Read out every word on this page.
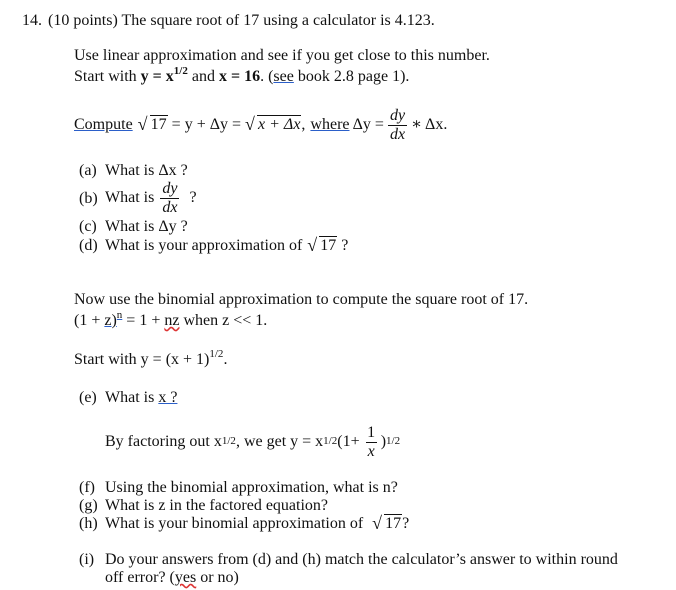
14. (10 points) The square root of 17 using a calculator is 4.123.
Use linear approximation and see if you get close to this number.
Start with $y = x^{1/2}$ and x = 16. (see book 2.8 page 1).
Compute √ 17 = y + Δy = √ x + Δx , where $\Delta y = \frac{dy}{dx}$ ∗ Δx.
(a) What is Δx ?
(b) What is $\frac{dy}{dx}$ ?
(c) What is Δy ?
(d) What is your approximation of √ 17 ?
Now use the binomial approximation to compute the square root of 17.
$(1 + z)^n = 1$ + nz when z << 1.
Start with $y = (x + 1)^{1/2}$.
(e) What is x ?
By factoring out $x^{1/2}$ , we get $y = x^{1/2}$ $(1+ \frac{1}{x} )^{1/2}$
(f) Using the binomial approximation, what is n?
(g) What is z in the factored equation?
(h) What is your binomial approximation of √ 17?
(i) Do your answers from (d) and (h) match the calculator’s answer to within round
off error? (yes or no)
